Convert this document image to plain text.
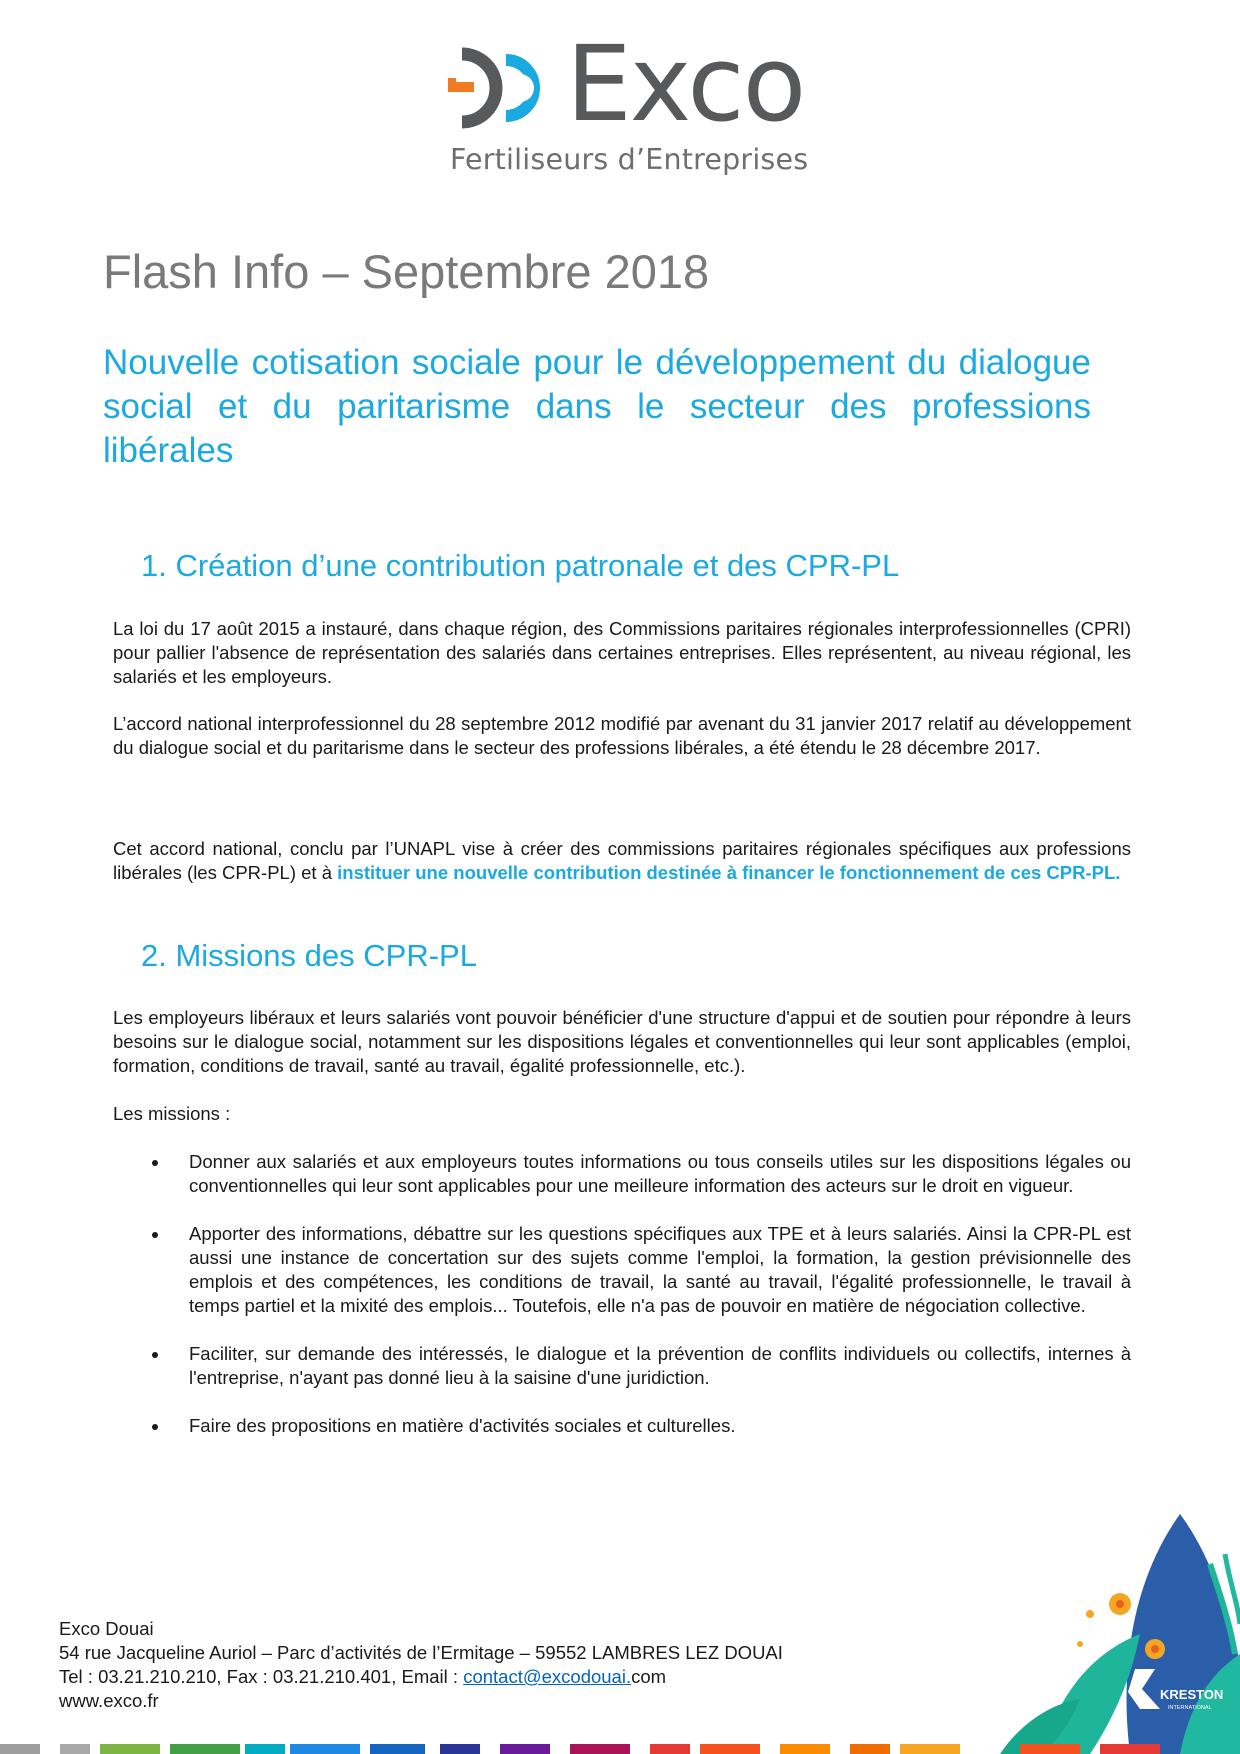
Exco
Fertiliseurs d’Entreprises
Flash Info – Septembre 2018
Nouvelle cotisation sociale pour le développement du dialogue social et du paritarisme dans le secteur des professions libérales
1. Création d’une contribution patronale et des CPR-PL
La loi du 17 août 2015 a instauré, dans chaque région, des Commissions paritaires régionales interprofessionnelles (CPRI) pour pallier l'absence de représentation des salariés dans certaines entreprises. Elles représentent, au niveau régional, les salariés et les employeurs.
L’accord national interprofessionnel du 28 septembre 2012 modifié par avenant du 31 janvier 2017 relatif au développement du dialogue social et du paritarisme dans le secteur des professions libérales, a été étendu le 28 décembre 2017.
Cet accord national, conclu par l’UNAPL vise à créer des commissions paritaires régionales spécifiques aux professions libérales (les CPR-PL) et à instituer une nouvelle contribution destinée à financer le fonctionnement de ces CPR-PL.
2. Missions des CPR-PL
Les employeurs libéraux et leurs salariés vont pouvoir bénéficier d'une structure d'appui et de soutien pour répondre à leurs besoins sur le dialogue social, notamment sur les dispositions légales et conventionnelles qui leur sont applicables (emploi, formation, conditions de travail, santé au travail, égalité professionnelle, etc.).
Les missions :
Donner aux salariés et aux employeurs toutes informations ou tous conseils utiles sur les dispositions légales ou conventionnelles qui leur sont applicables pour une meilleure information des acteurs sur le droit en vigueur.
Apporter des informations, débattre sur les questions spécifiques aux TPE et à leurs salariés. Ainsi la CPR-PL est aussi une instance de concertation sur des sujets comme l'emploi, la formation, la gestion prévisionnelle des emplois et des compétences, les conditions de travail, la santé au travail, l'égalité professionnelle, le travail à temps partiel et la mixité des emplois... Toutefois, elle n'a pas de pouvoir en matière de négociation collective.
Faciliter, sur demande des intéressés, le dialogue et la prévention de conflits individuels ou collectifs, internes à l'entreprise, n'ayant pas donné lieu à la saisine d'une juridiction.
Faire des propositions en matière d'activités sociales et culturelles.
Exco Douai
54 rue Jacqueline Auriol – Parc d’activités de l’Ermitage – 59552 LAMBRES LEZ DOUAI
Tel : 03.21.210.210, Fax : 03.21.210.401, Email : contact@excodouai.com
www.exco.fr	KRESTON
INTERNATIONAL
